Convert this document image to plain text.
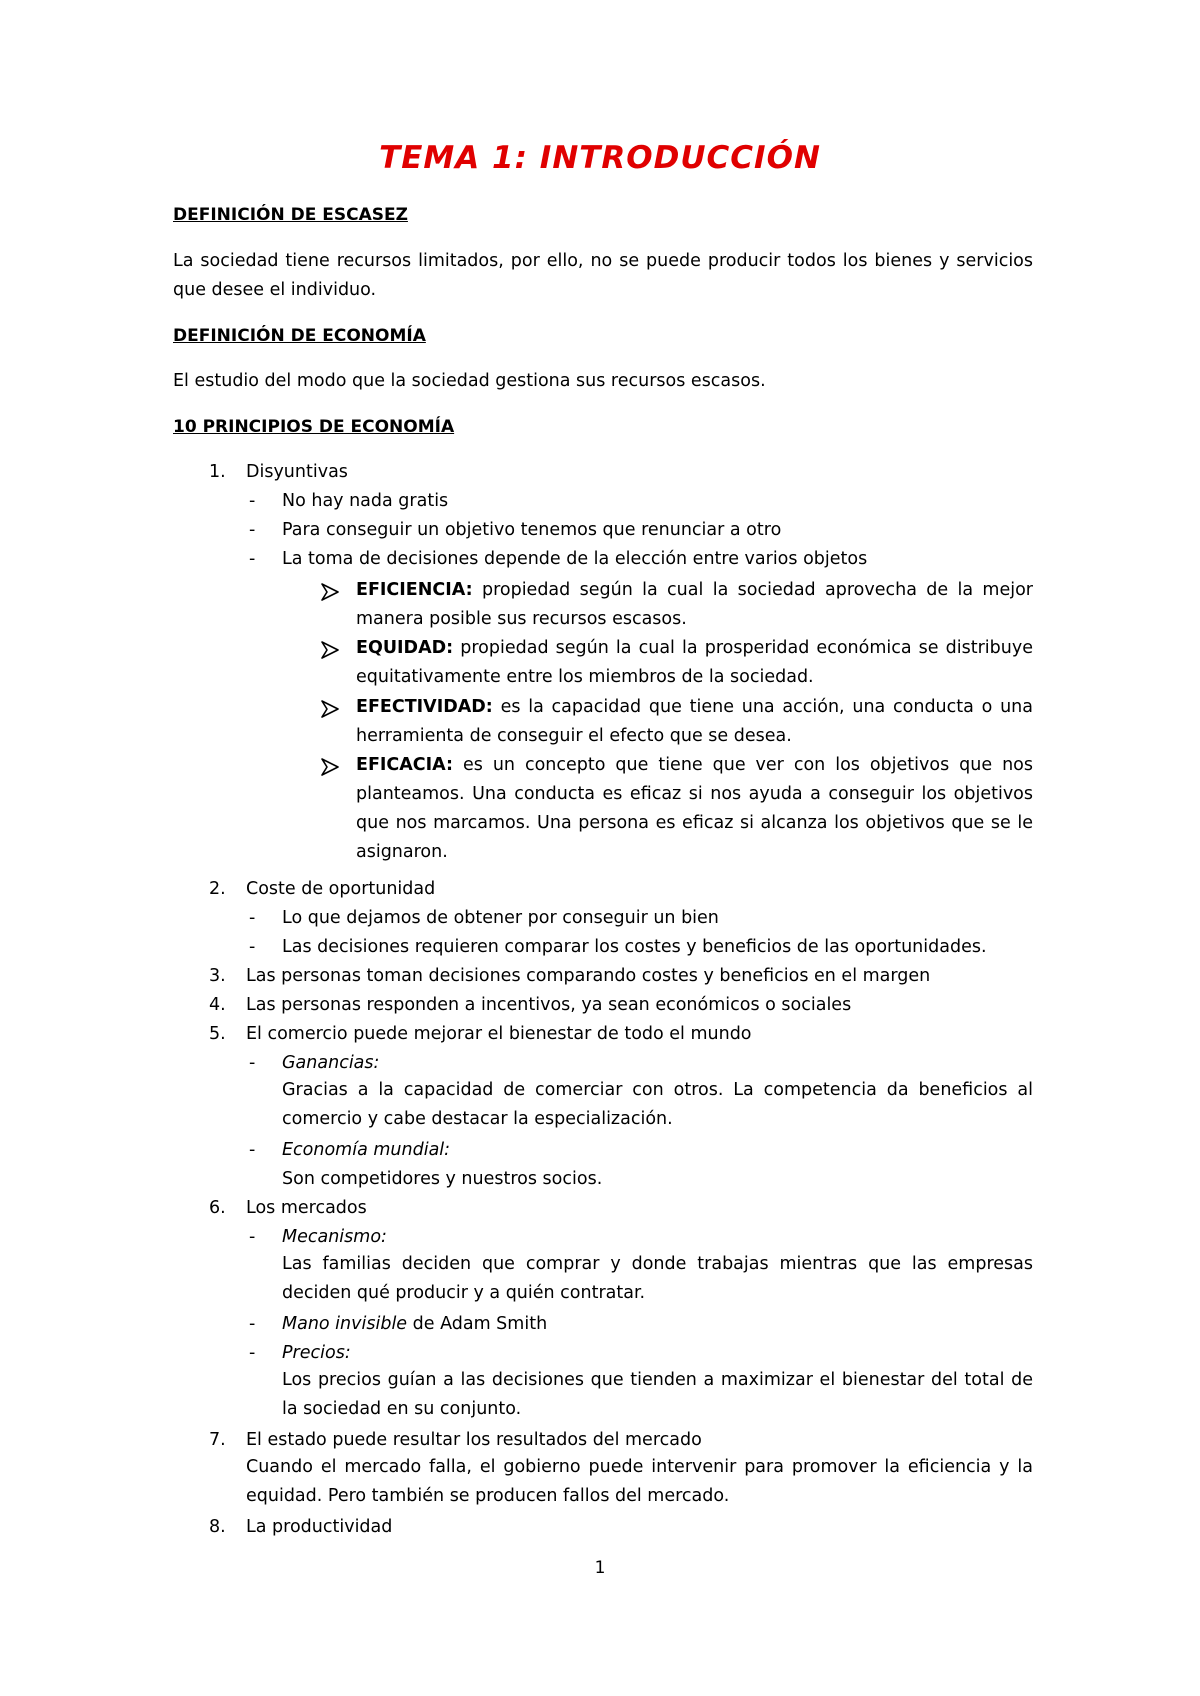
TEMA 1: INTRODUCCIÓN
DEFINICIÓN DE ESCASEZ
La sociedad tiene recursos limitados, por ello, no se puede producir todos los bienes y servicios que desee el individuo.
DEFINICIÓN DE ECONOMÍA
El estudio del modo que la sociedad gestiona sus recursos escasos.
10 PRINCIPIOS DE ECONOMÍA
1. Disyuntivas
- No hay nada gratis
- Para conseguir un objetivo tenemos que renunciar a otro
- La toma de decisiones depende de la elección entre varios objetos
EFICIENCIA: propiedad según la cual la sociedad aprovecha de la mejor manera posible sus recursos escasos.
EQUIDAD: propiedad según la cual la prosperidad económica se distribuye equitativamente entre los miembros de la sociedad.
EFECTIVIDAD: es la capacidad que tiene una acción, una conducta o una herramienta de conseguir el efecto que se desea.
EFICACIA: es un concepto que tiene que ver con los objetivos que nos planteamos. Una conducta es eficaz si nos ayuda a conseguir los objetivos que nos marcamos. Una persona es eficaz si alcanza los objetivos que se le asignaron.
2. Coste de oportunidad
- Lo que dejamos de obtener por conseguir un bien
- Las decisiones requieren comparar los costes y beneficios de las oportunidades.
3. Las personas toman decisiones comparando costes y beneficios en el margen
4. Las personas responden a incentivos, ya sean económicos o sociales
5. El comercio puede mejorar el bienestar de todo el mundo
- Ganancias:
Gracias a la capacidad de comerciar con otros. La competencia da beneficios al comercio y cabe destacar la especialización.
- Economía mundial:
Son competidores y nuestros socios.
6. Los mercados
- Mecanismo:
Las familias deciden que comprar y donde trabajas mientras que las empresas deciden qué producir y a quién contratar.
- Mano invisible de Adam Smith
- Precios:
Los precios guían a las decisiones que tienden a maximizar el bienestar del total de la sociedad en su conjunto.
7. El estado puede resultar los resultados del mercado
Cuando el mercado falla, el gobierno puede intervenir para promover la eficiencia y la equidad. Pero también se producen fallos del mercado.
8. La productividad
1
